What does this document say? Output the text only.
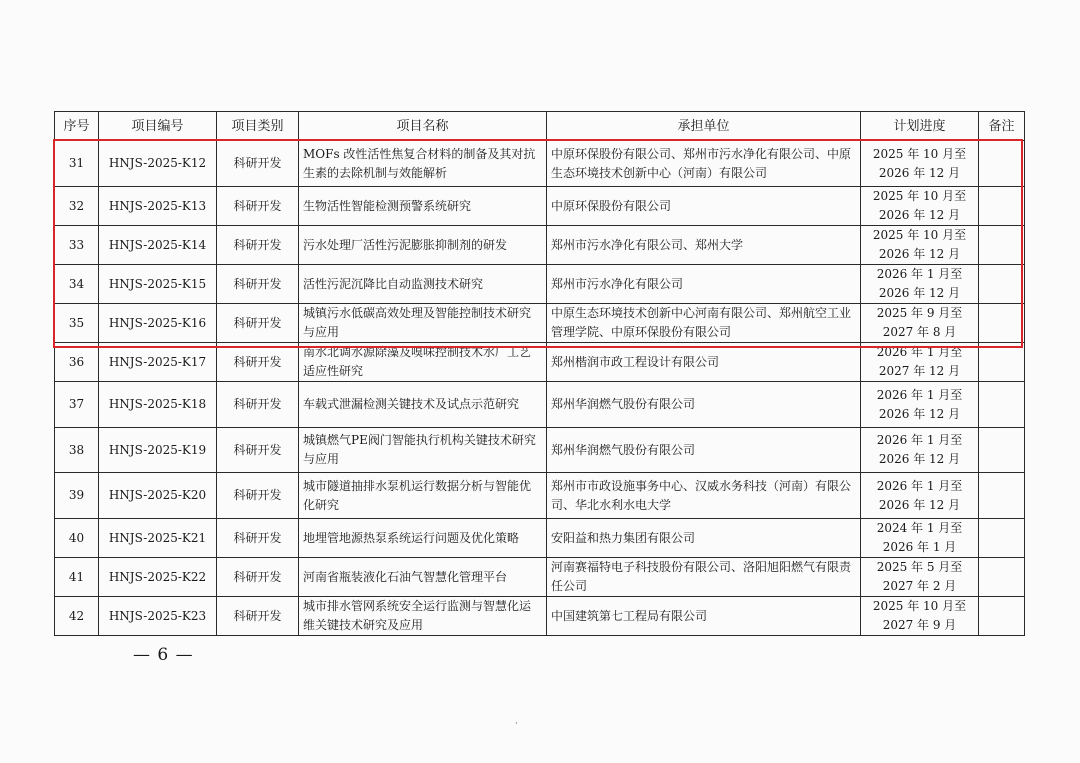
序号	项目编号	项目类别	项目名称	承担单位	计划进度	备注
31	HNJS-2025-K12	科研开发	MOFs 改性活性焦复合材料的制备及其对抗生素的去除机制与效能解析	中原环保股份有限公司、郑州市污水净化有限公司、中原生态环境技术创新中心（河南）有限公司	2025 年 10 月至 2026 年 12 月	
32	HNJS-2025-K13	科研开发	生物活性智能检测预警系统研究	中原环保股份有限公司	2025 年 10 月至 2026 年 12 月	
33	HNJS-2025-K14	科研开发	污水处理厂活性污泥膨胀抑制剂的研发	郑州市污水净化有限公司、郑州大学	2025 年 10 月至 2026 年 12 月	
34	HNJS-2025-K15	科研开发	活性污泥沉降比自动监测技术研究	郑州市污水净化有限公司	2026 年 1 月至 2026 年 12 月	
35	HNJS-2025-K16	科研开发	城镇污水低碳高效处理及智能控制技术研究与应用	中原生态环境技术创新中心河南有限公司、郑州航空工业管理学院、中原环保股份有限公司	2025 年 9 月至 2027 年 8 月	
36	HNJS-2025-K17	科研开发	南水北调水源除藻及嗅味控制技术水厂工艺适应性研究	郑州楷润市政工程设计有限公司	2026 年 1 月至 2027 年 12 月	
37	HNJS-2025-K18	科研开发	车载式泄漏检测关键技术及试点示范研究	郑州华润燃气股份有限公司	2026 年 1 月至 2026 年 12 月	
38	HNJS-2025-K19	科研开发	城镇燃气PE阀门智能执行机构关键技术研究与应用	郑州华润燃气股份有限公司	2026 年 1 月至 2026 年 12 月	
39	HNJS-2025-K20	科研开发	城市隧道抽排水泵机运行数据分析与智能优化研究	郑州市市政设施事务中心、汉威水务科技（河南）有限公司、华北水利水电大学	2026 年 1 月至 2026 年 12 月	
40	HNJS-2025-K21	科研开发	地埋管地源热泵系统运行问题及优化策略	安阳益和热力集团有限公司	2024 年 1 月至 2026 年 1 月	
41	HNJS-2025-K22	科研开发	河南省瓶装液化石油气智慧化管理平台	河南赛福特电子科技股份有限公司、洛阳旭阳燃气有限责任公司	2025 年 5 月至 2027 年 2 月	
42	HNJS-2025-K23	科研开发	城市排水管网系统安全运行监测与智慧化运维关键技术研究及应用	中国建筑第七工程局有限公司	2025 年 10 月至 2027 年 9 月	
— 6 —
·
